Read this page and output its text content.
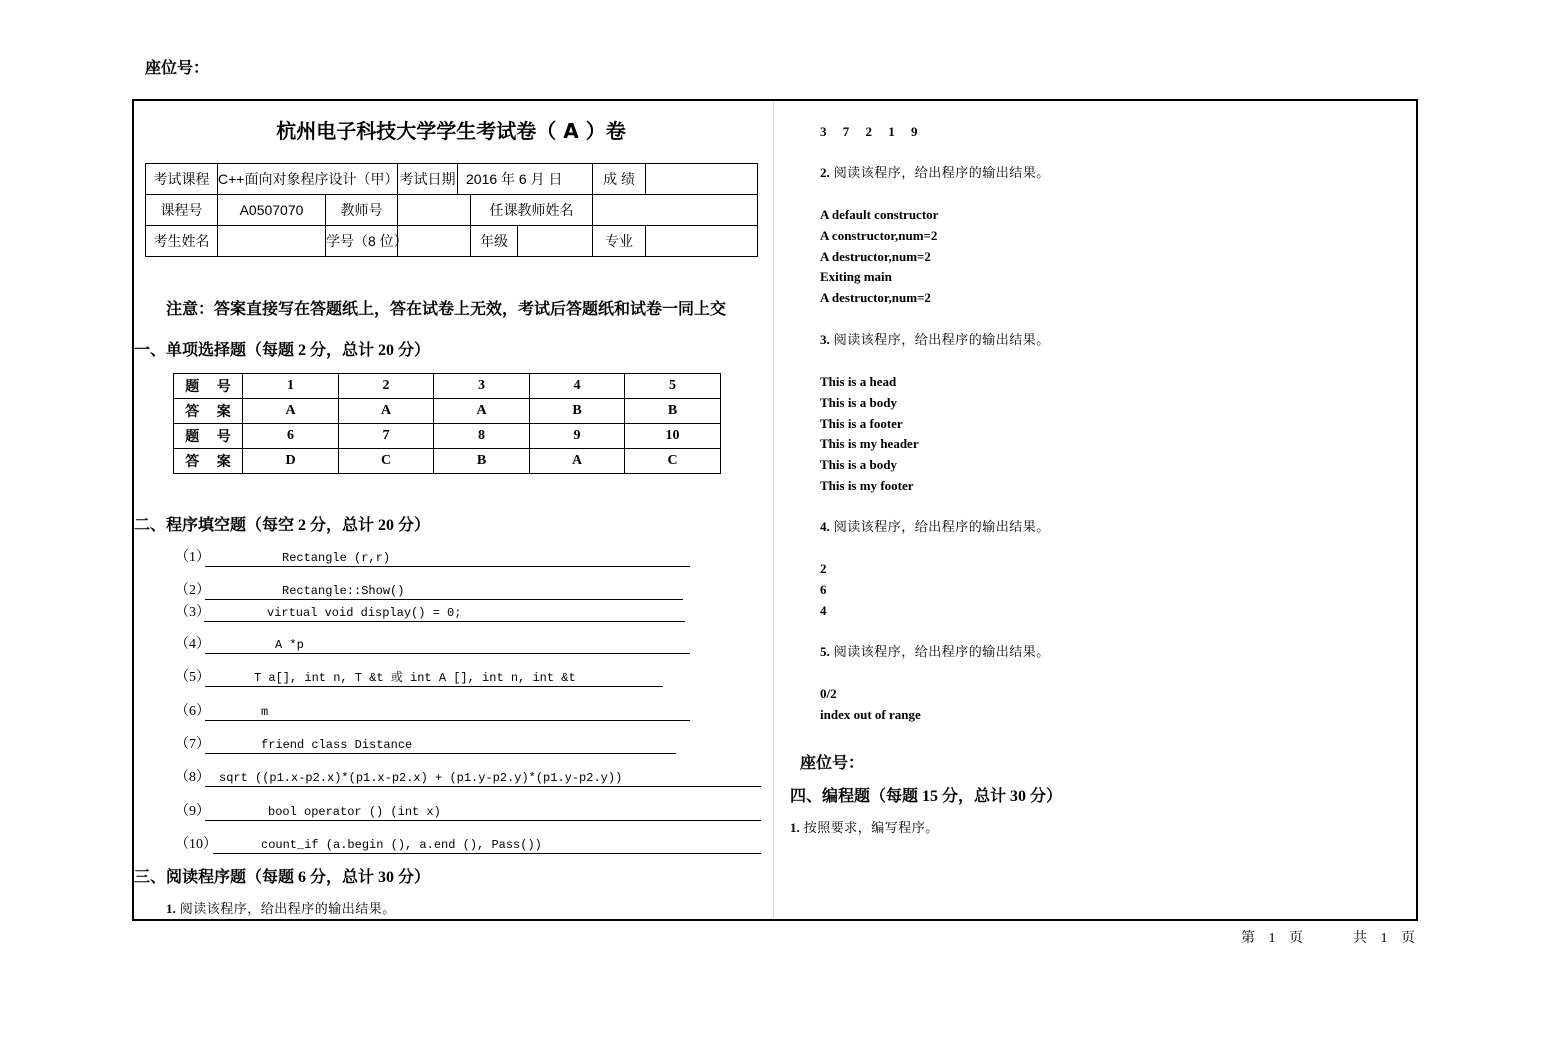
座位号：
杭州电子科技大学学生考试卷（ A ）卷
考试课程	C++面向对象程序设计（甲）		考试日期	2016 年 6 月 日			成 绩	
课程号	A0507070	教师号			任课教师姓名			
考生姓名		学号（8 位）			年级		专业	
注意：答案直接写在答题纸上，答在试卷上无效，考试后答题纸和试卷一同上交
一、单项选择题（每题 2 分，总计 20 分）
题 号	1	2	3	4	5
答 案	A	A	A	B	B
题 号	6	7	8	9	10
答 案	D	C	B	A	C
二、程序填空题（每空 2 分，总计 20 分）
（1）	Rectangle (r,r)
（2）	Rectangle::Show()
（3）	virtual void display() = 0;
（4）	A *p
（5）	T a[], int n, T &t 或 int A [], int n, int &t
（6）	m
（7）	friend class Distance
（8） sqrt ((p1.x-p2.x)*(p1.x-p2.x) + (p1.y-p2.y)*(p1.y-p2.y))
（9）	bool operator () (int x)
（10）	count_if (a.begin (), a.end (), Pass())
三、阅读程序题（每题 6 分，总计 30 分）
1. 阅读该程序，给出程序的输出结果。
3 7 2 1 9
2. 阅读该程序，给出程序的输出结果。
A default constructor
A constructor,num=2
A destructor,num=2
Exiting main
A destructor,num=2
3. 阅读该程序，给出程序的输出结果。
This is a head
This is a body
This is a footer
This is my header
This is a body
This is my footer
4. 阅读该程序，给出程序的输出结果。
2
6
4
5. 阅读该程序，给出程序的输出结果。
0/2
index out of range
座位号：
四、编程题（每题 15 分，总计 30 分）
1. 按照要求，编写程序。
第 1 页	共 1 页
